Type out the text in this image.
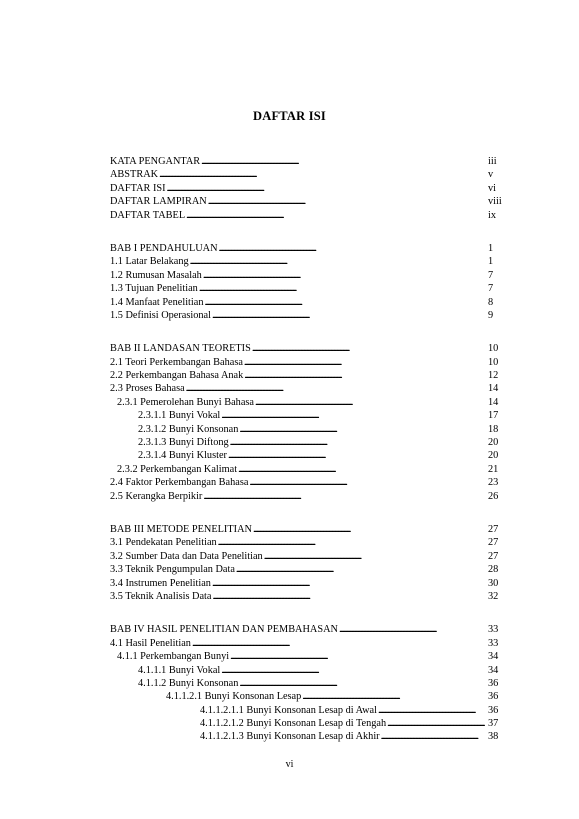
DAFTAR ISI
KATA PENGANTAR . . .	iii
ABSTRAK . . .	v
DAFTAR ISI . . .	vi
DAFTAR LAMPIRAN . . .	viii
DAFTAR TABEL . . .	ix
BAB I PENDAHULUAN . . .	1
1.1 Latar Belakang . . .	1
1.2 Rumusan Masalah . . .	7
1.3 Tujuan Penelitian . . .	7
1.4 Manfaat Penelitian . . .	8
1.5 Definisi Operasional . . .	9
BAB II LANDASAN TEORETIS . . .	10
2.1 Teori Perkembangan Bahasa . . .	10
2.2 Perkembangan Bahasa Anak . . .	12
2.3 Proses Bahasa . . .	14
2.3.1 Pemerolehan Bunyi Bahasa . . .	14
2.3.1.1 Bunyi Vokal . . .	17
2.3.1.2 Bunyi Konsonan . . .	18
2.3.1.3 Bunyi Diftong . . .	20
2.3.1.4 Bunyi Kluster . . .	20
2.3.2 Perkembangan Kalimat . . .	21
2.4 Faktor Perkembangan Bahasa . . .	23
2.5 Kerangka Berpikir . . .	26
BAB III METODE PENELITIAN . . .	27
3.1 Pendekatan Penelitian . . .	27
3.2 Sumber Data dan Data Penelitian . . .	27
3.3 Teknik Pengumpulan Data . . .	28
3.4 Instrumen Penelitian . . .	30
3.5 Teknik Analisis Data . . .	32
BAB IV HASIL PENELITIAN DAN PEMBAHASAN . . .	33
4.1 Hasil Penelitian . . .	33
4.1.1 Perkembangan Bunyi . . .	34
4.1.1.1 Bunyi Vokal . . .	34
4.1.1.2 Bunyi Konsonan . . .	36
4.1.1.2.1 Bunyi Konsonan Lesap . . .	36
4.1.1.2.1.1 Bunyi Konsonan Lesap di Awal . . .	36
4.1.1.2.1.2 Bunyi Konsonan Lesap di Tengah . . .	37
4.1.1.2.1.3 Bunyi Konsonan Lesap di Akhir . . .	38
vi
